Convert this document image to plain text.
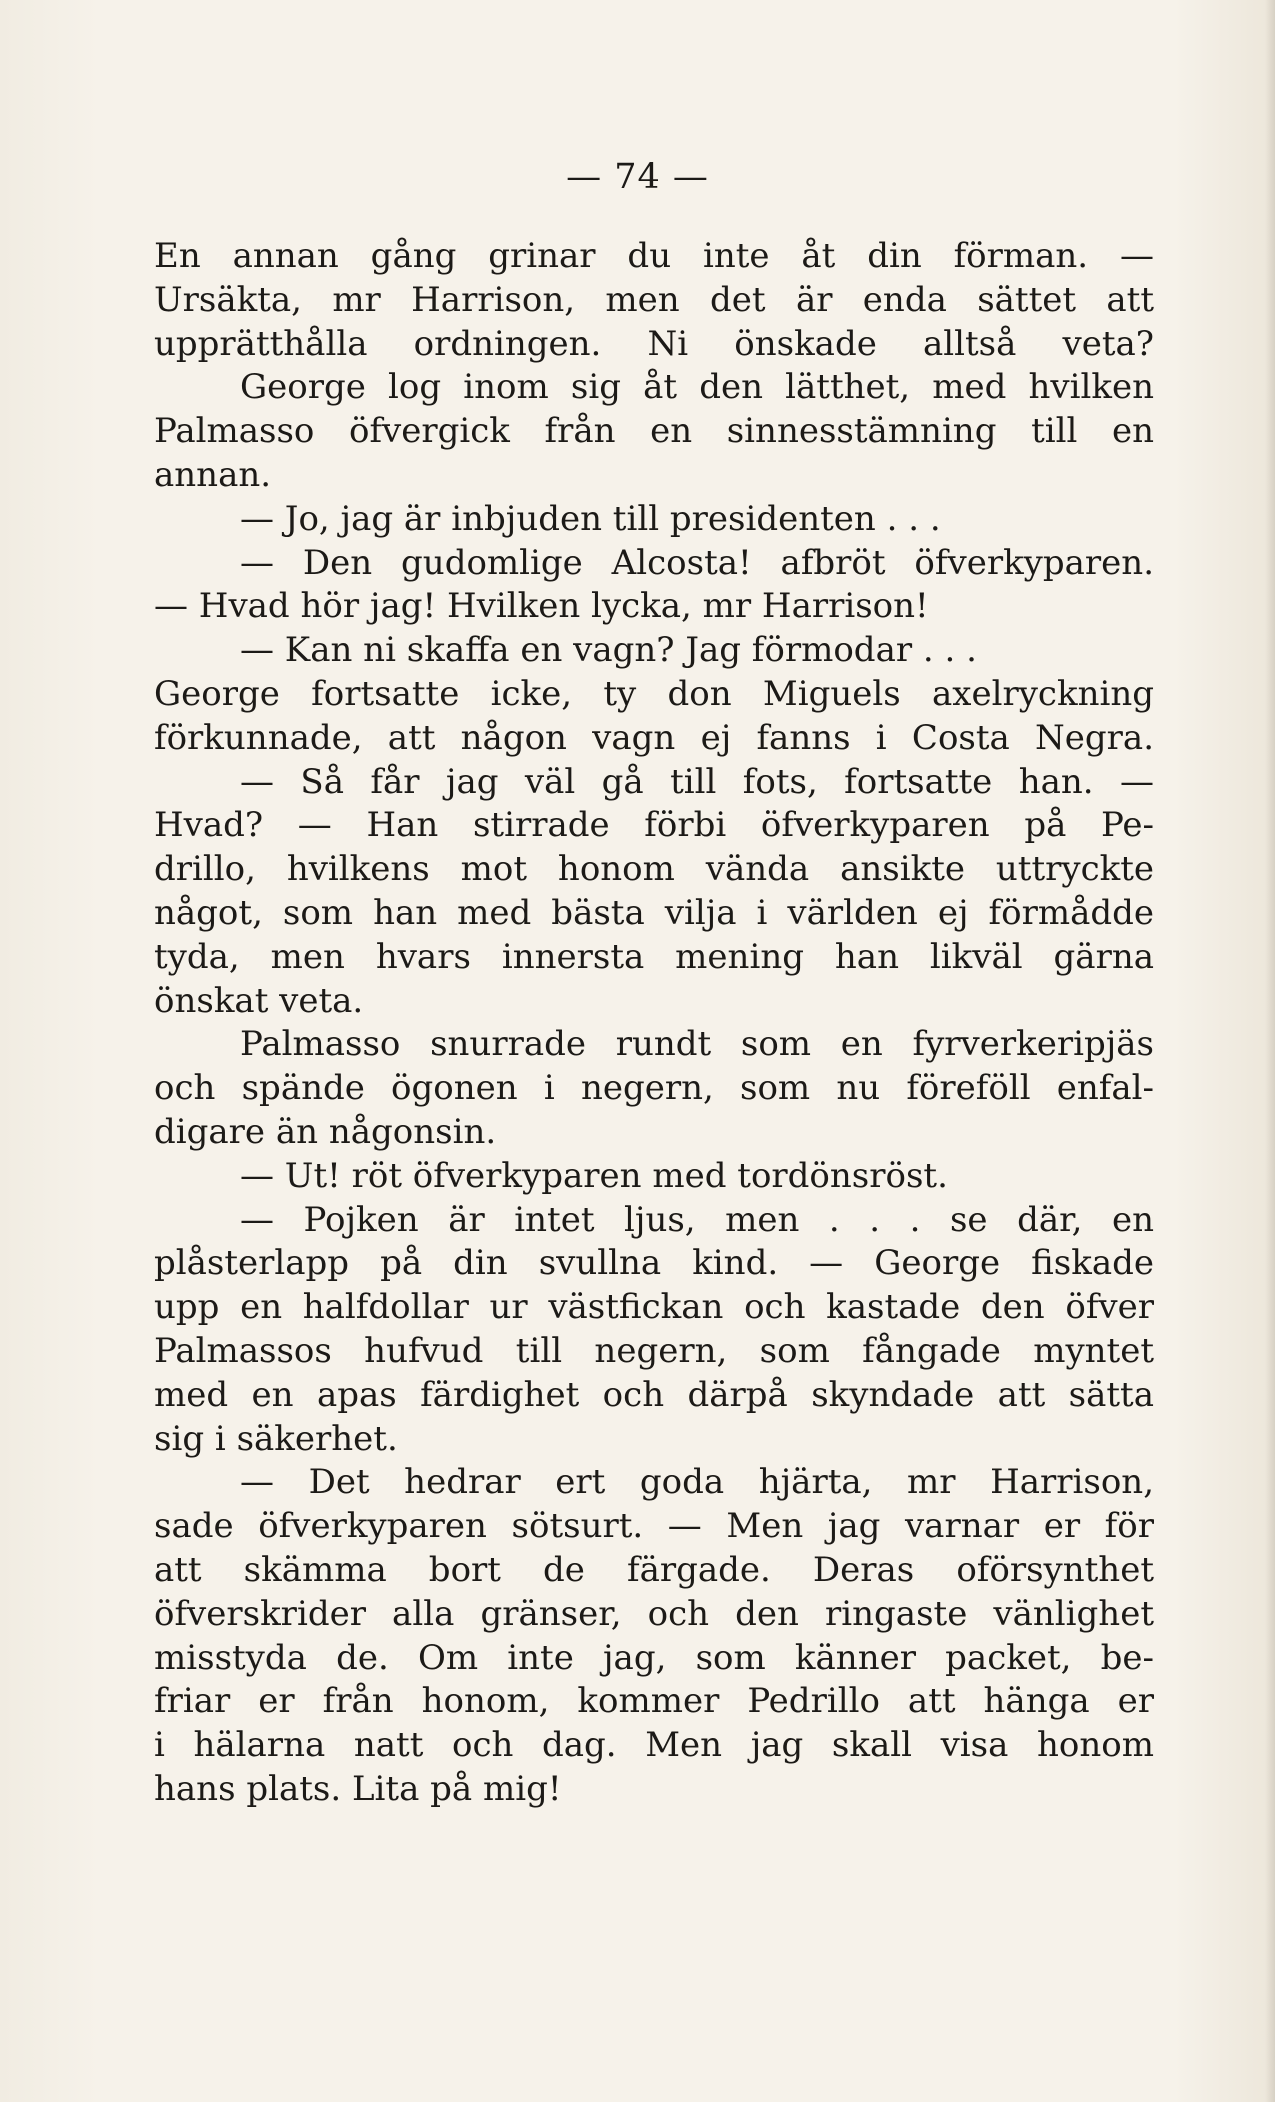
— 74 —
En annan gång grinar du inte åt din förman. —
Ursäkta, mr Harrison, men det är enda sättet att
upprätthålla ordningen. Ni önskade alltså veta?
George log inom sig åt den lätthet, med hvilken
Palmasso öfvergick från en sinnesstämning till en
annan.
— Jo, jag är inbjuden till presidenten . . .
— Den gudomlige Alcosta! afbröt öfverkyparen.
— Hvad hör jag! Hvilken lycka, mr Harrison!
— Kan ni skaffa en vagn? Jag förmodar . . .
George fortsatte icke, ty don Miguels axelryckning
förkunnade, att någon vagn ej fanns i Costa Negra.
— Så får jag väl gå till fots, fortsatte han. —
Hvad? — Han stirrade förbi öfverkyparen på Pe-
drillo, hvilkens mot honom vända ansikte uttryckte
något, som han med bästa vilja i världen ej förmådde
tyda, men hvars innersta mening han likväl gärna
önskat veta.
Palmasso snurrade rundt som en fyrverkeripjäs
och spände ögonen i negern, som nu föreföll enfal-
digare än någonsin.
— Ut! röt öfverkyparen med tordönsröst.
— Pojken är intet ljus, men . . . se där, en
plåsterlapp på din svullna kind. — George fiskade
upp en halfdollar ur västfickan och kastade den öfver
Palmassos hufvud till negern, som fångade myntet
med en apas färdighet och därpå skyndade att sätta
sig i säkerhet.
— Det hedrar ert goda hjärta, mr Harrison,
sade öfverkyparen sötsurt. — Men jag varnar er för
att skämma bort de färgade. Deras oförsynthet
öfverskrider alla gränser, och den ringaste vänlighet
misstyda de. Om inte jag, som känner packet, be-
friar er från honom, kommer Pedrillo att hänga er
i hälarna natt och dag. Men jag skall visa honom
hans plats. Lita på mig!
